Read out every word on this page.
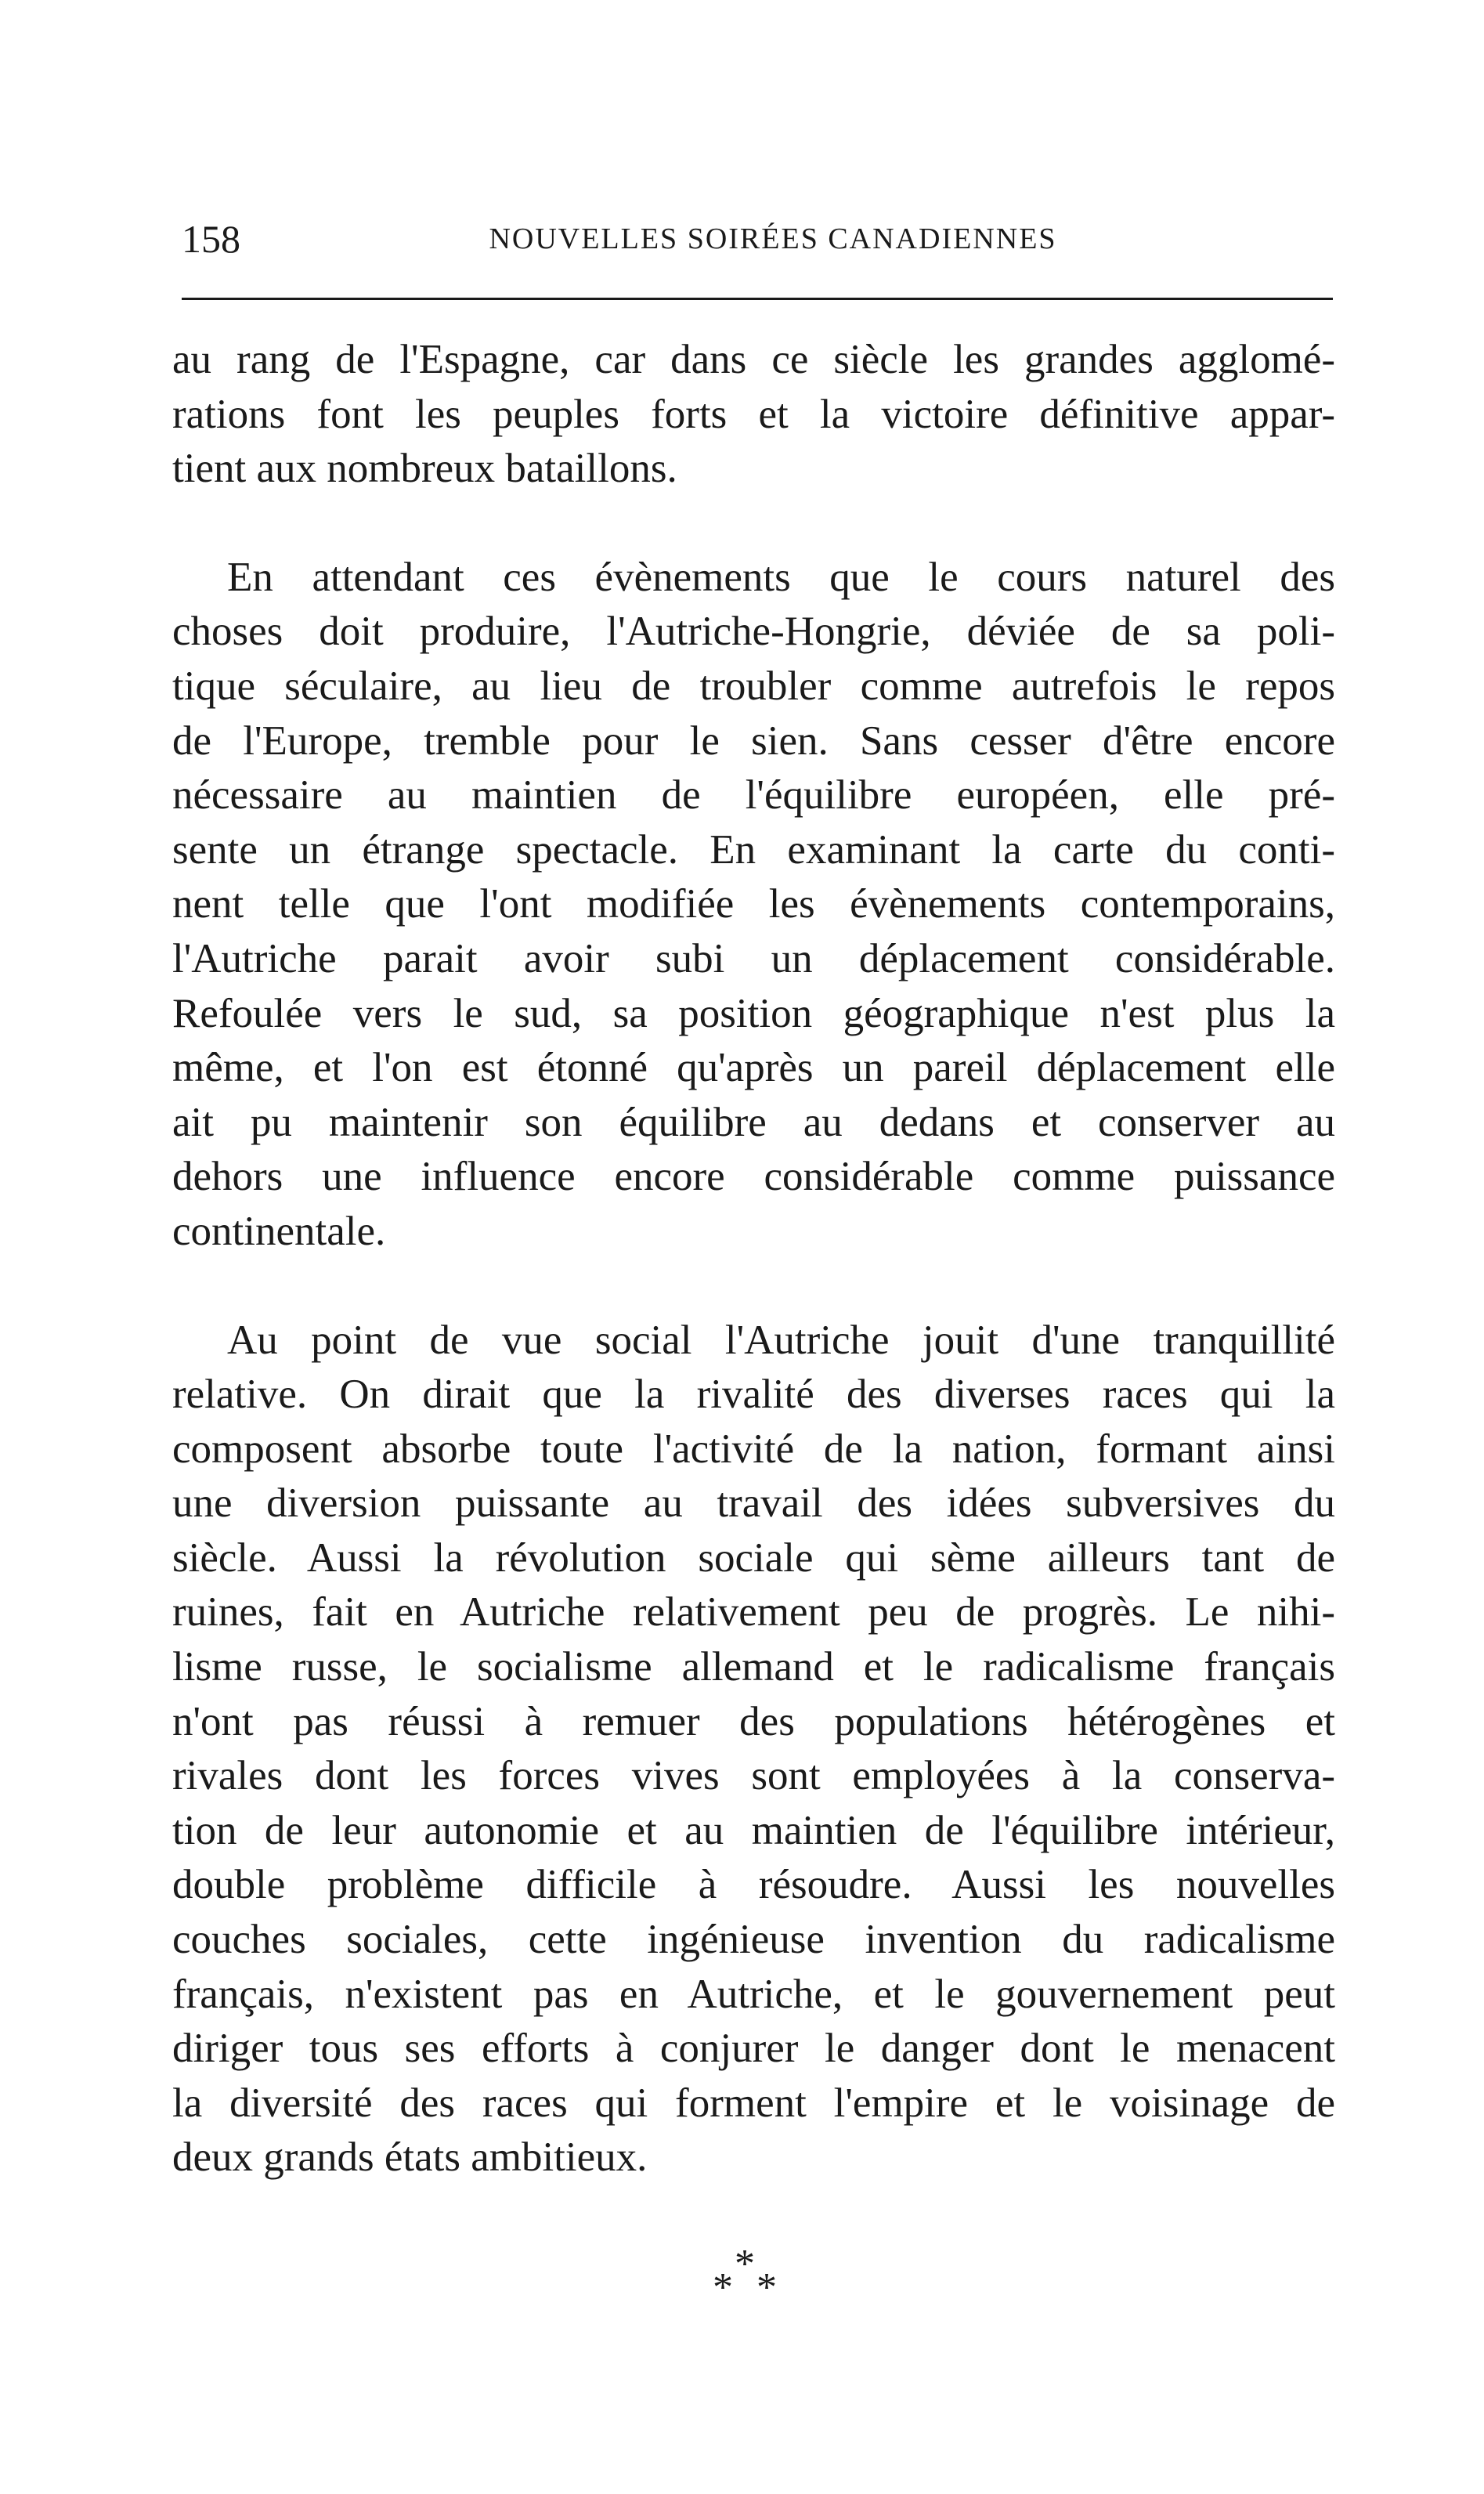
158	NOUVELLES SOIRÉES CANADIENNES
au rang de l'Espagne, car dans ce siècle les grandes agglomé-
rations font les peuples forts et la victoire définitive appar-
tient aux nombreux bataillons.
En attendant ces évènements que le cours naturel des
choses doit produire, l'Autriche-Hongrie, déviée de sa poli-
tique séculaire, au lieu de troubler comme autrefois le repos
de l'Europe, tremble pour le sien. Sans cesser d'être encore
nécessaire au maintien de l'équilibre européen, elle pré-
sente un étrange spectacle. En examinant la carte du conti-
nent telle que l'ont modifiée les évènements contemporains,
l'Autriche parait avoir subi un déplacement considérable.
Refoulée vers le sud, sa position géographique n'est plus la
même, et l'on est étonné qu'après un pareil déplacement elle
ait pu maintenir son équilibre au dedans et conserver au
dehors une influence encore considérable comme puissance
continentale.
Au point de vue social l'Autriche jouit d'une tranquillité
relative. On dirait que la rivalité des diverses races qui la
composent absorbe toute l'activité de la nation, formant ainsi
une diversion puissante au travail des idées subversives du
siècle. Aussi la révolution sociale qui sème ailleurs tant de
ruines, fait en Autriche relativement peu de progrès. Le nihi-
lisme russe, le socialisme allemand et le radicalisme français
n'ont pas réussi à remuer des populations hétérogènes et
rivales dont les forces vives sont employées à la conserva-
tion de leur autonomie et au maintien de l'équilibre intérieur,
double problème difficile à résoudre. Aussi les nouvelles
couches sociales, cette ingénieuse invention du radicalisme
français, n'existent pas en Autriche, et le gouvernement peut
diriger tous ses efforts à conjurer le danger dont le menacent
la diversité des races qui forment l'empire et le voisinage de
deux grands états ambitieux.
*
* *
